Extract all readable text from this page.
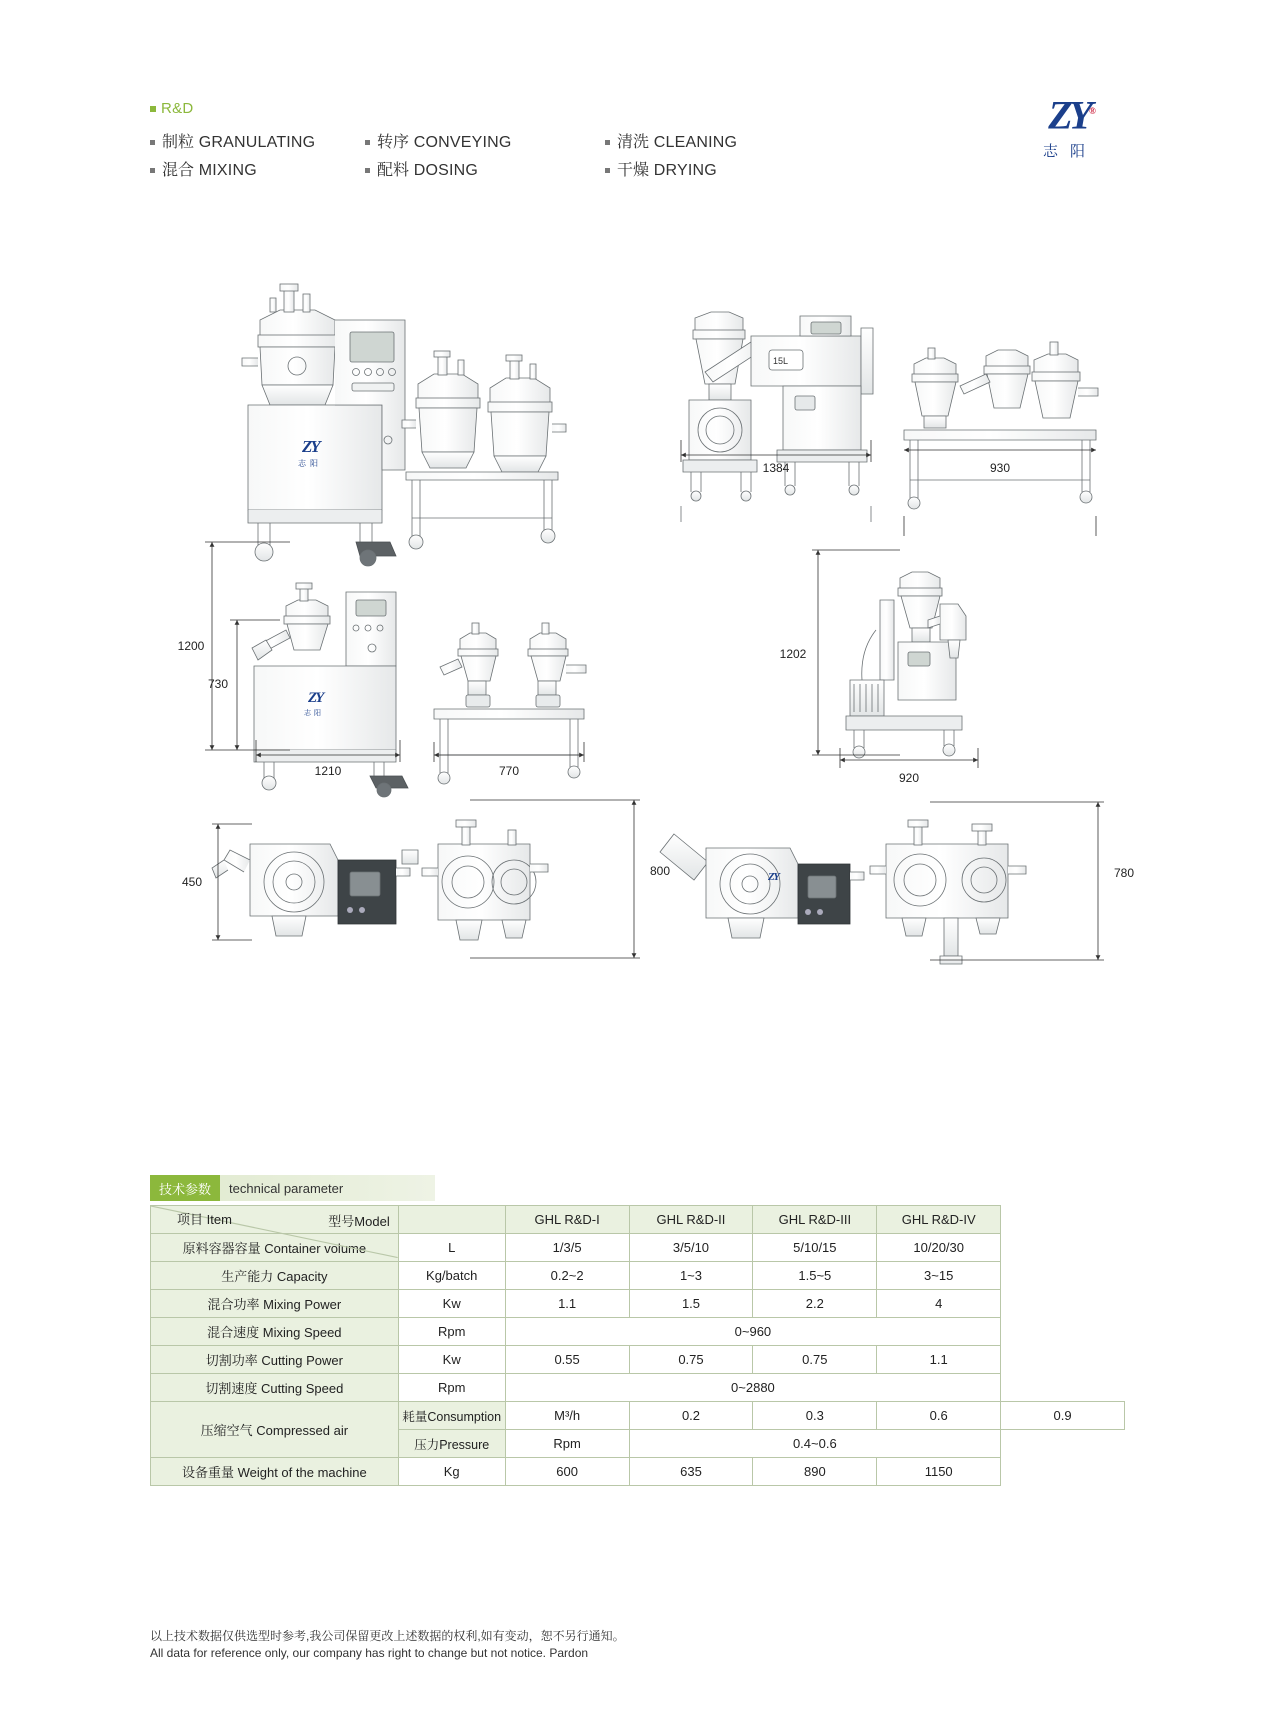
R&D
制粒 GRANULATING
混合 MIXING
转序 CONVEYING
配料 DOSING
清洗 CLEANING
干燥 DRYING
ZY®
志阳
ZY
志阳
15L
ZY
志阳
ZY
1384	930
1200
730
1210	770
1202
920
450
800	780
技术参数	technical parameter
型号Model
项目 Item		GHL R&D-I	GHL R&D-II	GHL R&D-III	GHL R&D-IV	
原料容器容量 Container volume	L	1/3/5	3/5/10	5/10/15	10/20/30	
生产能力 Capacity	Kg/batch	0.2~2	1~3	1.5~5	3~15	
混合功率 Mixing Power	Kw	1.1	1.5	2.2	4	
混合速度 Mixing Speed	Rpm	0~960				
切割功率 Cutting Power	Kw	0.55	0.75	0.75	1.1	
切割速度 Cutting Speed	Rpm	0~2880				
压缩空气 Compressed air	耗量Consumption	M³/h	0.2	0.3	0.6	0.9
	压力Pressure	Rpm	0.4~0.6			
设备重量 Weight of the machine	Kg	600	635	890	1150	
以上技术数据仅供选型时参考,我公司保留更改上述数据的权利,如有变动，恕不另行通知。
All data for reference only, our company has right to change but not notice. Pardon
